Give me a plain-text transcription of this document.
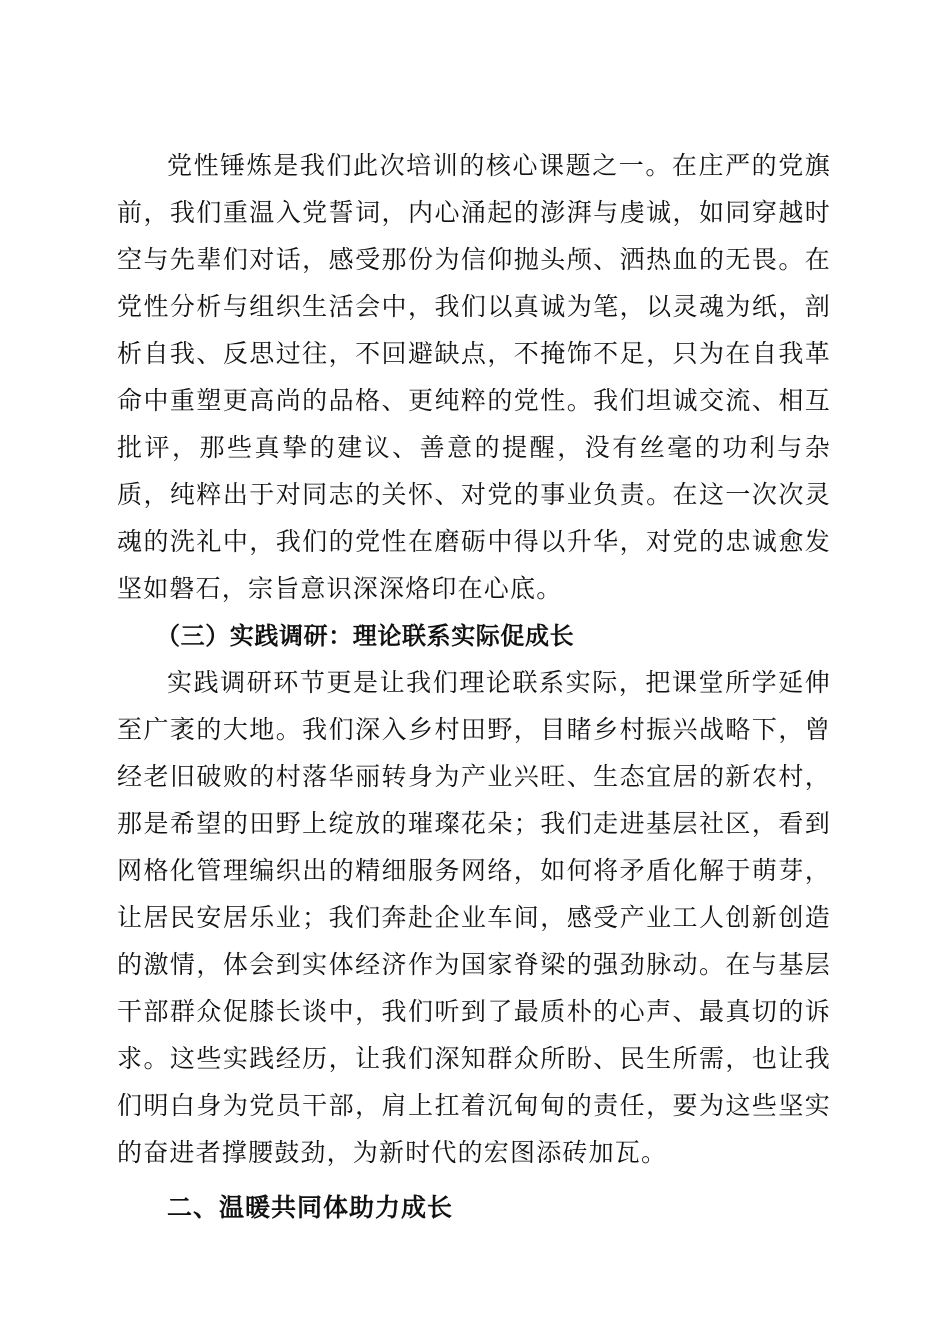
党性锤炼是我们此次培训的核心课题之一。在庄严的党旗前，我们重温入党誓词，内心涌起的澎湃与虔诚，如同穿越时空与先辈们对话，感受那份为信仰抛头颅、洒热血的无畏。在党性分析与组织生活会中，我们以真诚为笔，以灵魂为纸，剖析自我、反思过往，不回避缺点，不掩饰不足，只为在自我革命中重塑更高尚的品格、更纯粹的党性。我们坦诚交流、相互批评，那些真挚的建议、善意的提醒，没有丝毫的功利与杂质，纯粹出于对同志的关怀、对党的事业负责。在这一次次灵魂的洗礼中，我们的党性在磨砺中得以升华，对党的忠诚愈发坚如磐石，宗旨意识深深烙印在心底。

（三）实践调研：理论联系实际促成长

实践调研环节更是让我们理论联系实际，把课堂所学延伸至广袤的大地。我们深入乡村田野，目睹乡村振兴战略下，曾经老旧破败的村落华丽转身为产业兴旺、生态宜居的新农村，那是希望的田野上绽放的璀璨花朵；我们走进基层社区，看到网格化管理编织出的精细服务网络，如何将矛盾化解于萌芽，让居民安居乐业；我们奔赴企业车间，感受产业工人创新创造的激情，体会到实体经济作为国家脊梁的强劲脉动。在与基层干部群众促膝长谈中，我们听到了最质朴的心声、最真切的诉求。这些实践经历，让我们深知群众所盼、民生所需，也让我们明白身为党员干部，肩上扛着沉甸甸的责任，要为这些坚实的奋进者撑腰鼓劲，为新时代的宏图添砖加瓦。

二、温暖共同体助力成长
